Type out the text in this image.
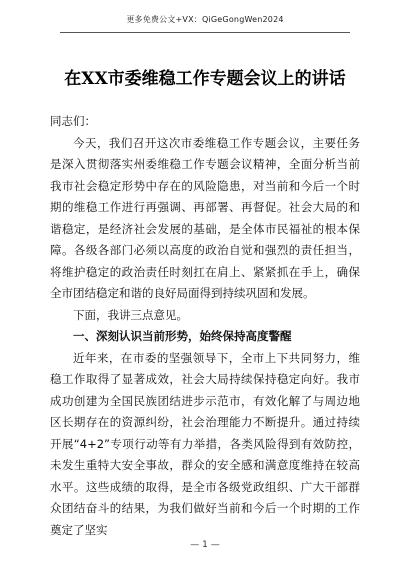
更多免费公文+VX：QiGeGongWen2024
在XX市委维稳工作专题会议上的讲话

同志们：

今天，我们召开这次市委维稳工作专题会议，主要任务是深入贯彻落实州委维稳工作专题会议精神，全面分析当前我市社会稳定形势中存在的风险隐患，对当前和今后一个时期的维稳工作进行再强调、再部署、再督促。社会大局的和谐稳定，是经济社会发展的基础，是全体市民福祉的根本保障。各级各部门必须以高度的政治自觉和强烈的责任担当，将维护稳定的政治责任时刻扛在肩上、紧紧抓在手上，确保全市团结稳定和谐的良好局面得到持续巩固和发展。

下面，我讲三点意见。

一、深刻认识当前形势，始终保持高度警醒

近年来，在市委的坚强领导下，全市上下共同努力，维稳工作取得了显著成效，社会大局持续保持稳定向好。我市成功创建为全国民族团结进步示范市，有效化解了与周边地区长期存在的资源纠纷，社会治理能力不断提升。通过持续开展“4+2”专项行动等有力举措，各类风险得到有效防控，未发生重特大安全事故，群众的安全感和满意度维持在较高水平。这些成绩的取得，是全市各级党政组织、广大干部群众团结奋斗的结果，为我们做好当前和今后一个时期的工作奠定了坚实

— 1 —
